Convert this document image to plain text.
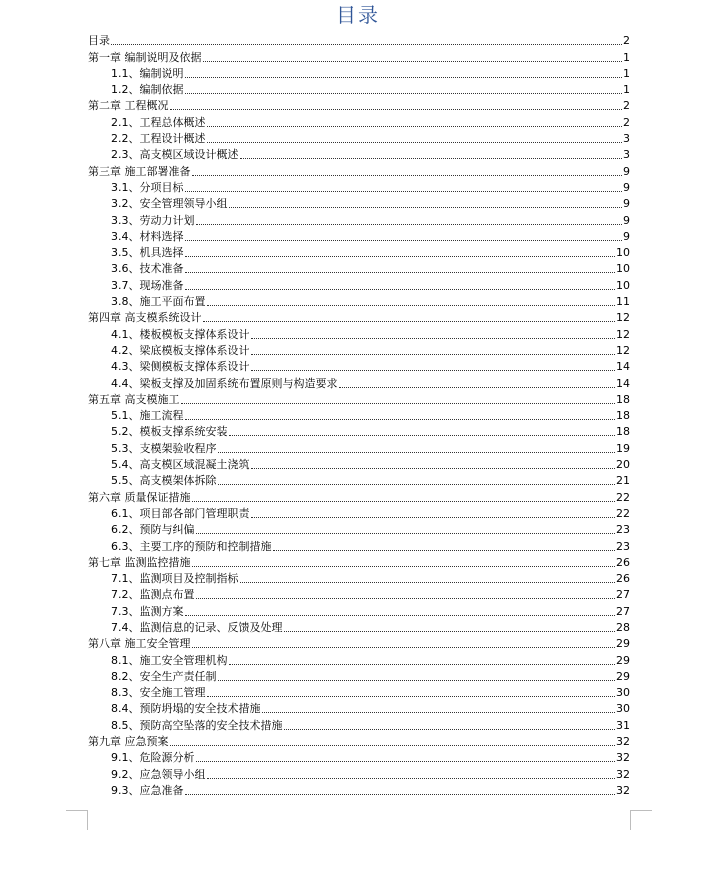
目录
目录	2
第一章 编制说明及依据	1
1.1、编制说明	1
1.2、编制依据	1
第二章 工程概况	2
2.1、工程总体概述	2
2.2、工程设计概述	3
2.3、高支模区域设计概述	3
第三章 施工部署准备	9
3.1、分项目标	9
3.2、安全管理领导小组	9
3.3、劳动力计划	9
3.4、材料选择	9
3.5、机具选择	10
3.6、技术准备	10
3.7、现场准备	10
3.8、施工平面布置	11
第四章 高支模系统设计	12
4.1、楼板模板支撑体系设计	12
4.2、梁底模板支撑体系设计	12
4.3、梁侧模板支撑体系设计	14
4.4、梁板支撑及加固系统布置原则与构造要求	14
第五章 高支模施工	18
5.1、施工流程	18
5.2、模板支撑系统安装	18
5.3、支模架验收程序	19
5.4、高支模区域混凝土浇筑	20
5.5、高支模架体拆除	21
第六章 质量保证措施	22
6.1、项目部各部门管理职责	22
6.2、预防与纠偏	23
6.3、主要工序的预防和控制措施	23
第七章 监测监控措施	26
7.1、监测项目及控制指标	26
7.2、监测点布置	27
7.3、监测方案	27
7.4、监测信息的记录、反馈及处理	28
第八章 施工安全管理	29
8.1、施工安全管理机构	29
8.2、安全生产责任制	29
8.3、安全施工管理	30
8.4、预防坍塌的安全技术措施	30
8.5、预防高空坠落的安全技术措施	31
第九章 应急预案	32
9.1、危险源分析	32
9.2、应急领导小组	32
9.3、应急准备	32
